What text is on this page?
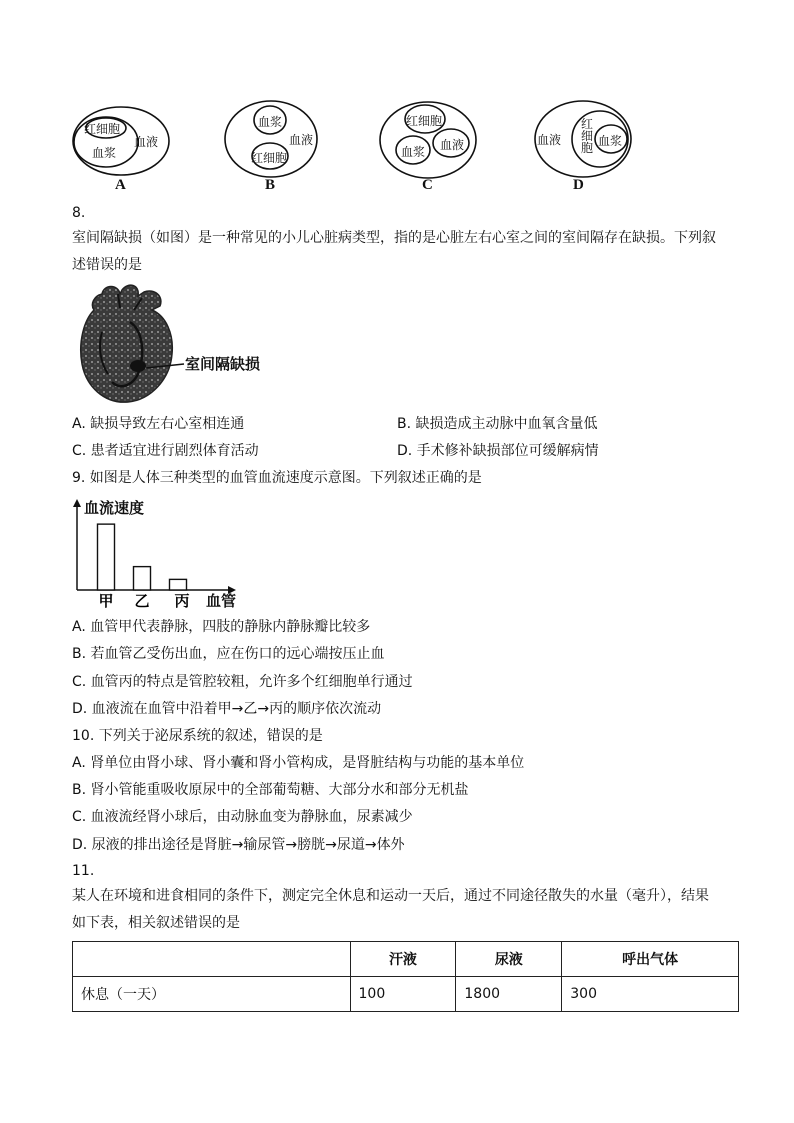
红细胞
血浆
血液
A
血浆
红细胞
血液
B
红细胞
血浆 血液
C
血液
红
细
胞 血浆
D
8.
室间隔缺损（如图）是一种常见的小儿心脏病类型，指的是心脏左右心室之间的室间隔存在缺损。下列叙
述错误的是
室间隔缺损
A. 缺损导致左右心室相连通	B. 缺损造成主动脉中血氧含量低
C. 患者适宜进行剧烈体育活动	D. 手术修补缺损部位可缓解病情
9. 如图是人体三种类型的血管血流速度示意图。下列叙述正确的是
甲 乙 丙
血流速度
血管
A. 血管甲代表静脉，四肢的静脉内静脉瓣比较多
B. 若血管乙受伤出血，应在伤口的远心端按压止血
C. 血管丙的特点是管腔较粗，允许多个红细胞单行通过
D. 血液流在血管中沿着甲→乙→丙的顺序依次流动
10. 下列关于泌尿系统的叙述，错误的是
A. 肾单位由肾小球、肾小囊和肾小管构成，是肾脏结构与功能的基本单位
B. 肾小管能重吸收原尿中的全部葡萄糖、大部分水和部分无机盐
C. 血液流经肾小球后，由动脉血变为静脉血，尿素减少
D. 尿液的排出途径是肾脏→输尿管→膀胱→尿道→体外
11.
某人在环境和进食相同的条件下，测定完全休息和运动一天后，通过不同途径散失的水量（毫升），结果
如下表，相关叙述错误的是
	汗液	尿液	呼出气体
休息（一天）	100	1800	300
